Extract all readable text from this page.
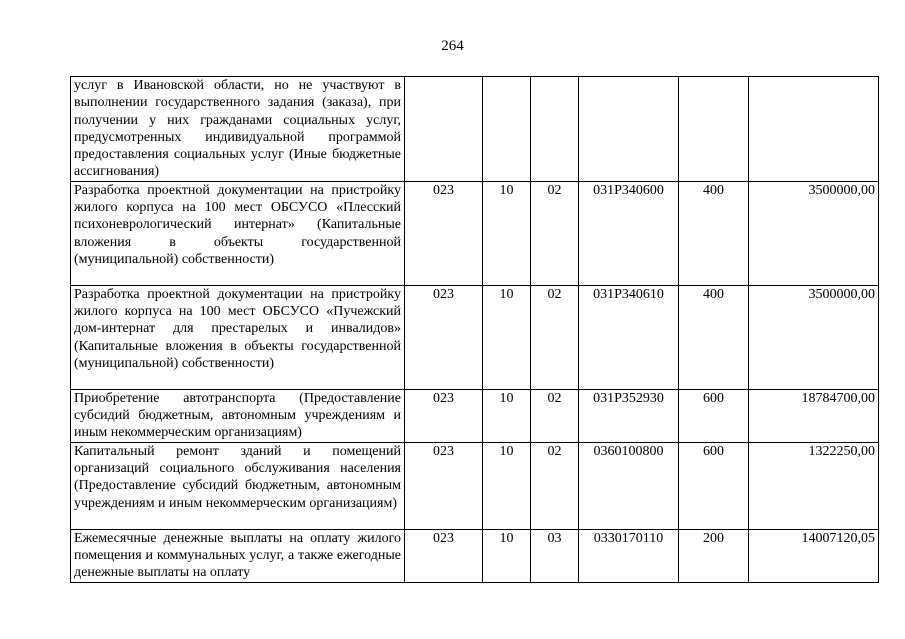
264
услуг в Ивановской области, но не участвуют в выполнении государственного задания (заказа), при получении у них гражданами социальных услуг, предусмотренных индивидуальной программой предоставления социальных услуг (Иные бюджетные ассигнования)						
Разработка проектной документации на пристройку жилого корпуса на 100 мест ОБСУСО «Плесский психоневрологический интернат» (Капитальные вложения в объекты государственной (муниципальной) собственности)	023	10	02	031P340600	400	3500000,00
Разработка проектной документации на пристройку жилого корпуса на 100 мест ОБСУСО «Пучежский дом-интернат для престарелых и инвалидов» (Капитальные вложения в объекты государственной (муниципальной) собственности)	023	10	02	031P340610	400	3500000,00
Приобретение автотранспорта (Предоставление субсидий бюджетным, автономным учреждениям и иным некоммерческим организациям)	023	10	02	031P352930	600	18784700,00
Капитальный ремонт зданий и помещений организаций социального обслуживания населения (Предоставление субсидий бюджетным, автономным учреждениям и иным некоммерческим организациям)	023	10	02	0360100800	600	1322250,00
Ежемесячные денежные выплаты на оплату жилого помещения и коммунальных услуг, а также ежегодные денежные выплаты на оплату	023	10	03	0330170110	200	14007120,05
